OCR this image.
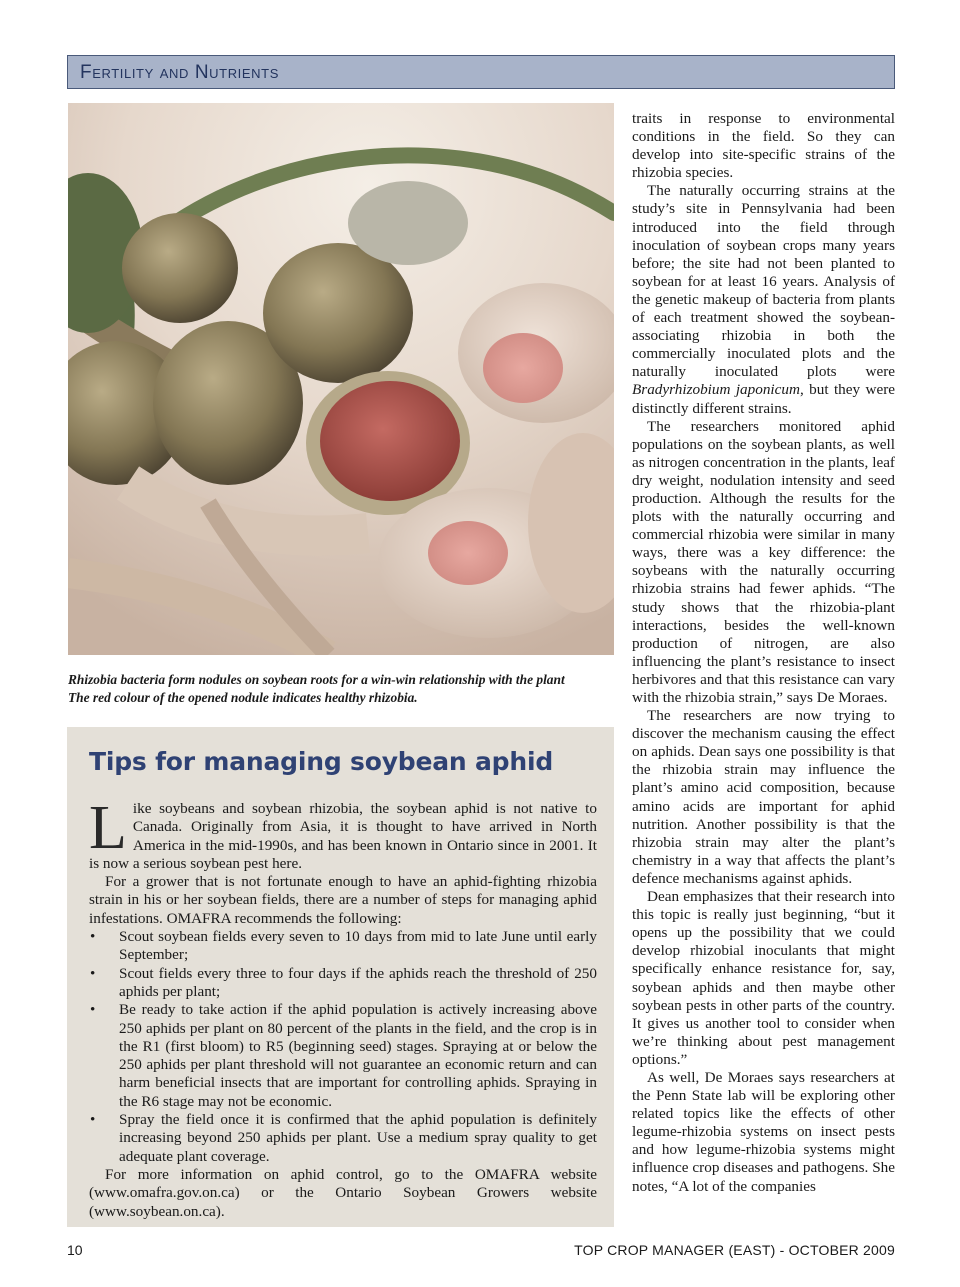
Fertility and Nutrients
Rhizobia bacteria form nodules on soybean roots for a win-win relationship with the plant
The red colour of the opened nodule indicates healthy rhizobia.
Tips for managing soybean aphid

Like soybeans and soybean rhizobia, the soybean aphid is not native to Canada. Originally from Asia, it is thought to have arrived in North America in the mid-1990s, and has been known in Ontario since in 2001. It is now a serious soybean pest here.

For a grower that is not fortunate enough to have an aphid-fighting rhizobia strain in his or her soybean fields, there are a number of steps for managing aphid infestations. OMAFRA recommends the following:

• Scout soybean fields every seven to 10 days from mid to late June until early September;
• Scout fields every three to four days if the aphids reach the threshold of 250 aphids per plant;
• Be ready to take action if the aphid population is actively increasing above 250 aphids per plant on 80 percent of the plants in the field, and the crop is in the R1 (first bloom) to R5 (beginning seed) stages. Spraying at or below the 250 aphids per plant threshold will not guarantee an economic return and can harm beneficial insects that are important for controlling aphids. Spraying in the R6 stage may not be economic.
• Spray the field once it is confirmed that the aphid population is definitely increasing beyond 250 aphids per plant. Use a medium spray quality to get adequate plant coverage.

For more information on aphid control, go to the OMAFRA website (www.omafra.gov.on.ca) or the Ontario Soybean Growers website (www.soybean.on.ca).

traits in response to environmental conditions in the field. So they can develop into site-specific strains of the rhizobia species.

The naturally occurring strains at the study’s site in Pennsylvania had been introduced into the field through inoculation of soybean crops many years before; the site had not been planted to soybean for at least 16 years. Analysis of the genetic makeup of bacteria from plants of each treatment showed the soybean-associating rhizobia in both the commercially inoculated plots and the naturally inoculated plots were Bradyrhizobium japonicum, but they were distinctly different strains.

The researchers monitored aphid populations on the soybean plants, as well as nitrogen concentration in the plants, leaf dry weight, nodulation intensity and seed production. Although the results for the plots with the naturally occurring and commercial rhizobia were similar in many ways, there was a key difference: the soybeans with the naturally occurring rhizobia strains had fewer aphids. “The study shows that the rhizobia-plant interactions, besides the well-known production of nitrogen, are also influencing the plant’s resistance to insect herbivores and that this resistance can vary with the rhizobia strain,” says De Moraes.

The researchers are now trying to discover the mechanism causing the effect on aphids. Dean says one possibility is that the rhizobia strain may influence the plant’s amino acid composition, because amino acids are important for aphid nutrition. Another possibility is that the rhizobia strain may alter the plant’s chemistry in a way that affects the plant’s defence mechanisms against aphids.

Dean emphasizes that their research into this topic is really just beginning, “but it opens up the possibility that we could develop rhizobial inoculants that might specifically enhance resistance for, say, soybean aphids and then maybe other soybean pests in other parts of the country. It gives us another tool to consider when we’re thinking about pest management options.”

As well, De Moraes says researchers at the Penn State lab will be exploring other related topics like the effects of other legume-rhizobia systems on insect pests and how legume-rhizobia systems might influence crop diseases and pathogens. She notes, “A lot of the companies

10	TOP CROP MANAGER (EAST) - OCTOBER 2009
